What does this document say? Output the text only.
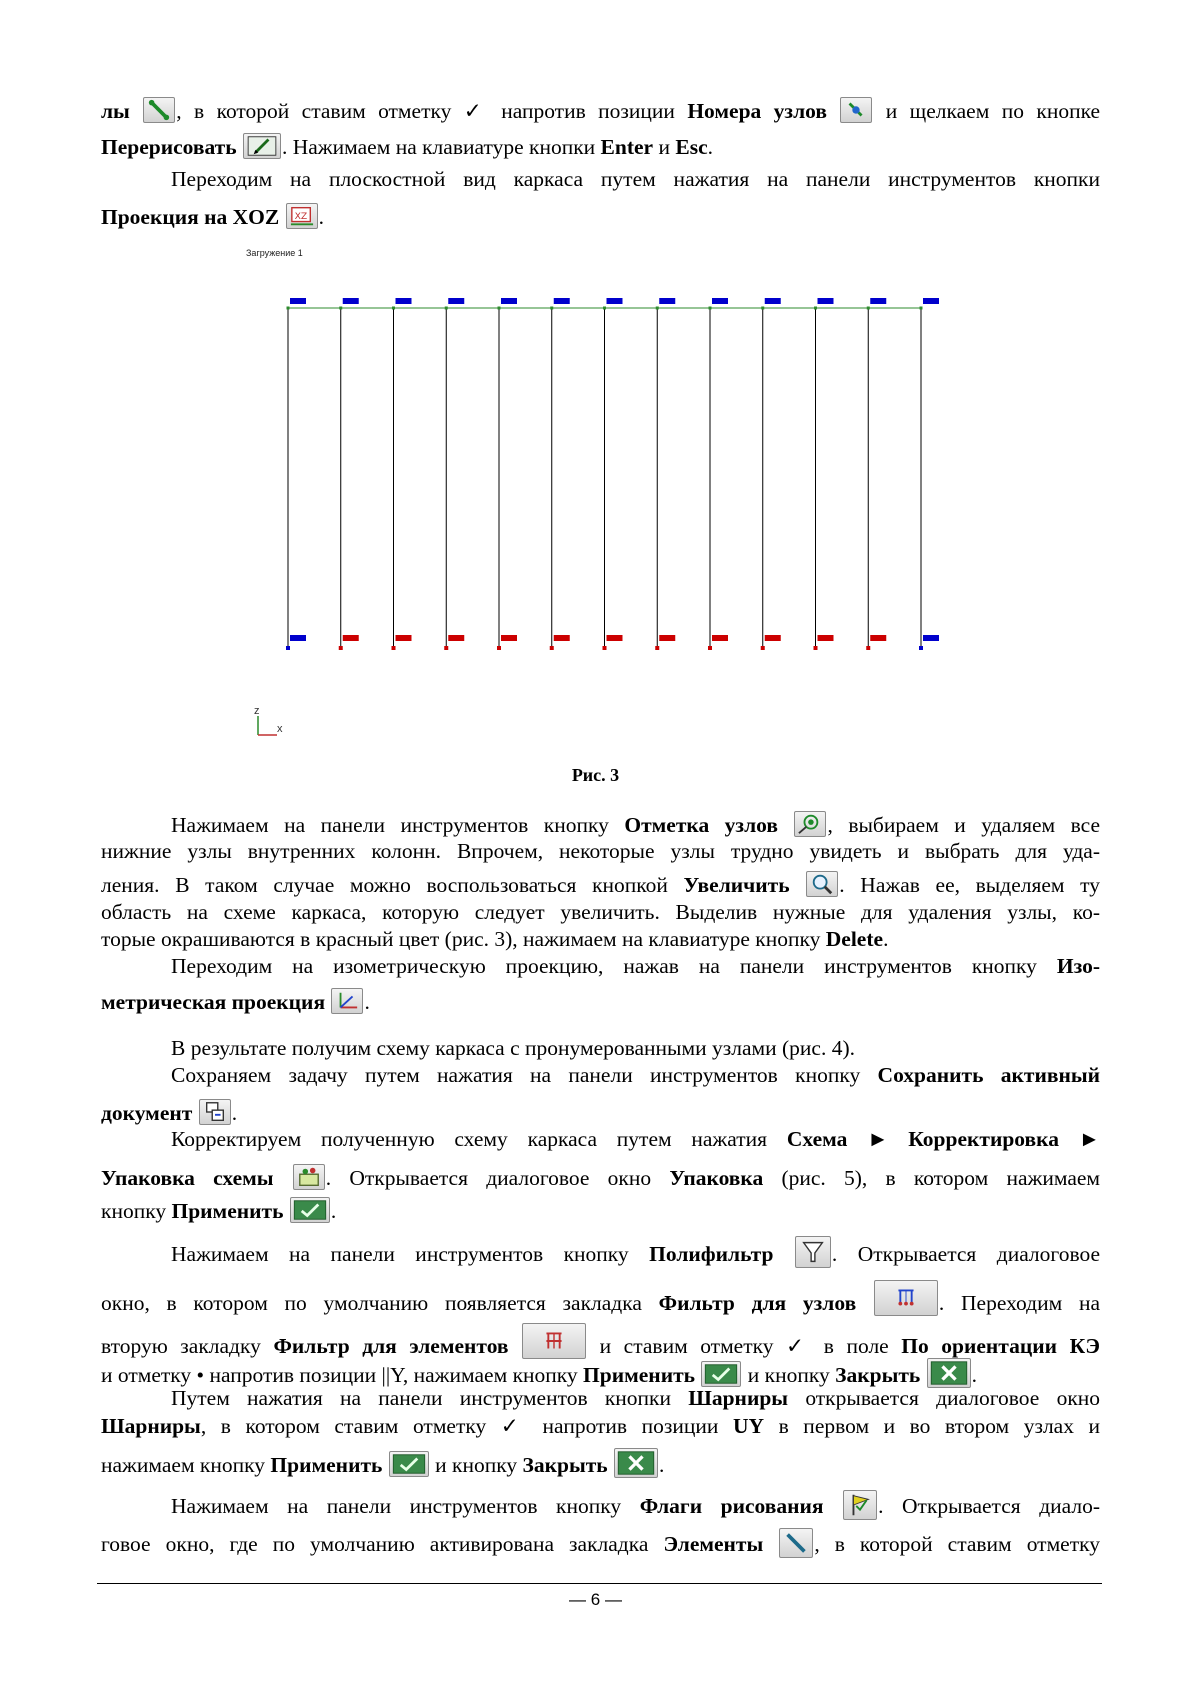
лы , в которой ставим отметку ✓ напротив позиции Номера узлов	и щелкаем по кнопке
Перерисовать . Нажимаем на клавиатуре кнопки Enter и Esc.
Переходим на плоскостной вид каркаса путем нажатия на панели инструментов кнопки
Проекция на XOZ XZ .
Загружение 1
z
x
Рис. 3
Нажимаем на панели инструментов кнопку Отметка узлов , выбираем и удаляем все
нижние узлы внутренних колонн. Впрочем, некоторые узлы трудно увидеть и выбрать для уда-
ления. В таком случае можно воспользоваться кнопкой Увеличить . Нажав ее, выделяем ту
область на схеме каркаса, которую следует увеличить. Выделив нужные для удаления узлы, ко-
торые окрашиваются в красный цвет (рис. 3), нажимаем на клавиатуре кнопку Delete.
Переходим на изометрическую проекцию, нажав на панели инструментов кнопку Изо-
метрическая проекция .
В результате получим схему каркаса с пронумерованными узлами (рис. 4).
Сохраняем задачу путем нажатия на панели инструментов кнопку Сохранить активный
документ .
Корректируем полученную схему каркаса путем нажатия Схема ► Корректировка ►
Упаковка схемы . Открывается диалоговое окно Упаковка (рис. 5), в котором нажимаем
кнопку Применить .
Нажимаем на панели инструментов кнопку Полифильтр	. Открывается диалоговое
окно, в котором по умолчанию появляется закладка Фильтр для узлов	. Переходим на
вторую закладку Фильтр для элементов	и ставим отметку ✓ в поле По ориентации КЭ
и отметку • напротив позиции ||Y, нажимаем кнопку Применить и кнопку Закрыть .
Путем нажатия на панели инструментов кнопки Шарниры открывается диалоговое окно
Шарниры, в котором ставим отметку ✓ напротив позиции UY в первом и во втором узлах и
нажимаем кнопку Применить и кнопку Закрыть .
Нажимаем на панели инструментов кнопку Флаги рисования	. Открывается диало-
говое окно, где по умолчанию активирована закладка Элементы , в которой ставим отметку
— 6 —
